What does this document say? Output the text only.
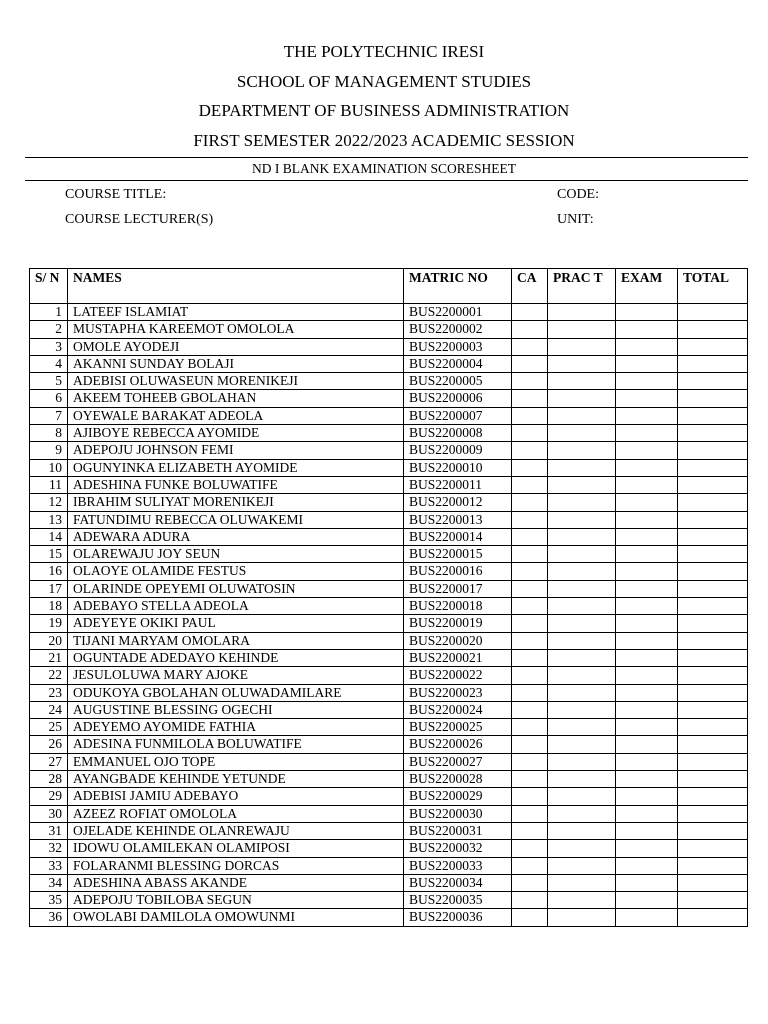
THE POLYTECHNIC IRESI
SCHOOL OF MANAGEMENT STUDIES
DEPARTMENT OF BUSINESS ADMINISTRATION
FIRST SEMESTER 2022/2023 ACADEMIC SESSION
ND I BLANK EXAMINATION SCORESHEET
COURSE TITLE:	CODE:
COURSE LECTURER(S)	UNIT:
S/ N	NAMES	MATRIC NO	CA	PRAC T	EXAM	TOTAL
1	LATEEF ISLAMIAT	BUS2200001				
2	MUSTAPHA KAREEMOT OMOLOLA	BUS2200002				
3	OMOLE AYODEJI	BUS2200003				
4	AKANNI SUNDAY BOLAJI	BUS2200004				
5	ADEBISI OLUWASEUN MORENIKEJI	BUS2200005				
6	AKEEM TOHEEB GBOLAHAN	BUS2200006				
7	OYEWALE BARAKAT ADEOLA	BUS2200007				
8	AJIBOYE REBECCA AYOMIDE	BUS2200008				
9	ADEPOJU JOHNSON FEMI	BUS2200009				
10	OGUNYINKA ELIZABETH AYOMIDE	BUS2200010				
11	ADESHINA FUNKE BOLUWATIFE	BUS2200011				
12	IBRAHIM SULIYAT MORENIKEJI	BUS2200012				
13	FATUNDIMU REBECCA OLUWAKEMI	BUS2200013				
14	ADEWARA ADURA	BUS2200014				
15	OLAREWAJU JOY SEUN	BUS2200015				
16	OLAOYE OLAMIDE FESTUS	BUS2200016				
17	OLARINDE OPEYEMI OLUWATOSIN	BUS2200017				
18	ADEBAYO STELLA ADEOLA	BUS2200018				
19	ADEYEYE OKIKI PAUL	BUS2200019				
20	TIJANI MARYAM OMOLARA	BUS2200020				
21	OGUNTADE ADEDAYO KEHINDE	BUS2200021				
22	JESULOLUWA MARY AJOKE	BUS2200022				
23	ODUKOYA GBOLAHAN OLUWADAMILARE	BUS2200023				
24	AUGUSTINE BLESSING OGECHI	BUS2200024				
25	ADEYEMO AYOMIDE FATHIA	BUS2200025				
26	ADESINA FUNMILOLA BOLUWATIFE	BUS2200026				
27	EMMANUEL OJO TOPE	BUS2200027				
28	AYANGBADE KEHINDE YETUNDE	BUS2200028				
29	ADEBISI JAMIU ADEBAYO	BUS2200029				
30	AZEEZ ROFIAT OMOLOLA	BUS2200030				
31	OJELADE KEHINDE OLANREWAJU	BUS2200031				
32	IDOWU OLAMILEKAN OLAMIPOSI	BUS2200032				
33	FOLARANMI BLESSING DORCAS	BUS2200033				
34	ADESHINA ABASS AKANDE	BUS2200034				
35	ADEPOJU TOBILOBA SEGUN	BUS2200035				
36	OWOLABI DAMILOLA OMOWUNMI	BUS2200036				
